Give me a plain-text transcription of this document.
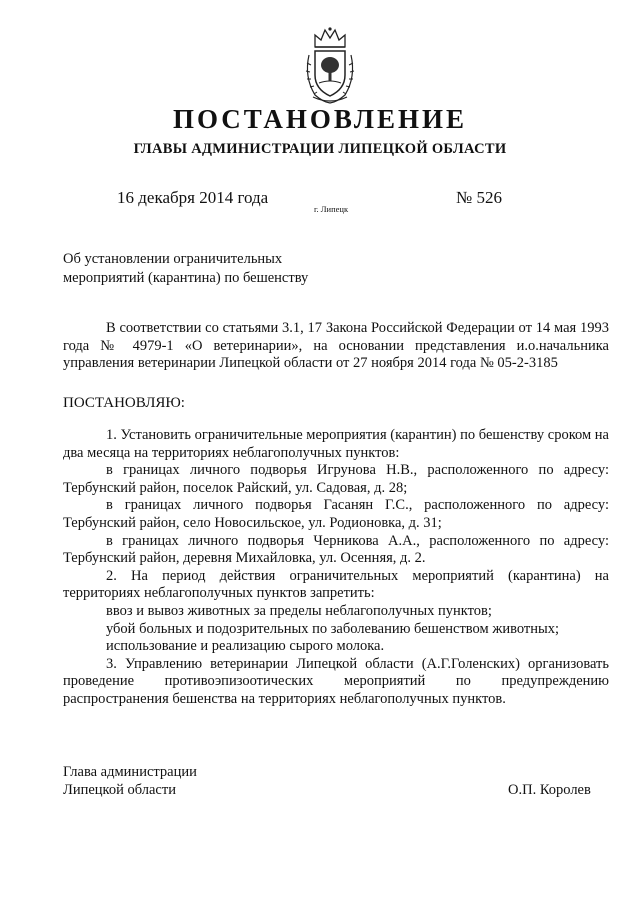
ПОСТАНОВЛЕНИЕ
ГЛАВЫ АДМИНИСТРАЦИИ ЛИПЕЦКОЙ ОБЛАСТИ
16 декабря 2014 года
г. Липецк
№ 526
Об установлении ограничительных
мероприятий (карантина) по бешенству

В соответствии со статьями 3.1, 17 Закона Российской Федерации от 14 мая 1993 года № 4979-1 «О ветеринарии», на основании представления и.о.начальника управления ветеринарии Липецкой области от 27 ноября 2014 года № 05-2-3185

ПОСТАНОВЛЯЮ:

1. Установить ограничительные мероприятия (карантин) по бешенству сроком на два месяца на территориях неблагополучных пунктов:

в границах личного подворья Игрунова Н.В., расположенного по адресу: Тербунский район, поселок Райский, ул. Садовая, д. 28;

в границах личного подворья Гасанян Г.С., расположенного по адресу: Тербунский район, село Новосильское, ул. Родионовка, д. 31;

в границах личного подворья Черникова А.А., расположенного по адресу: Тербунский район, деревня Михайловка, ул. Осенняя, д. 2.

2. На период действия ограничительных мероприятий (карантина) на территориях неблагополучных пунктов запретить:

ввоз и вывоз животных за пределы неблагополучных пунктов;

убой больных и подозрительных по заболеванию бешенством животных;

использование и реализацию сырого молока.

3. Управлению ветеринарии Липецкой области (А.Г.Голенских) организовать проведение противоэпизоотических мероприятий по предупреждению распространения бешенства на территориях неблагополучных пунктов.

Глава администрации
Липецкой области	О.П. Королев
